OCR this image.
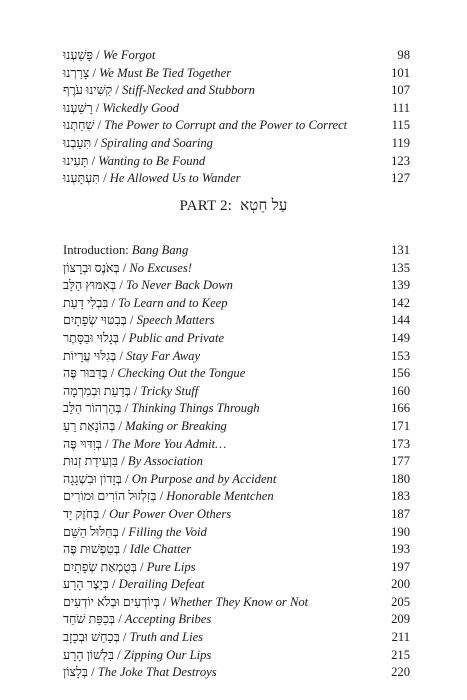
פָּשַׁעְנוּ / We Forgot	98
צָרַרְנוּ / We Must Be Tied Together	101
קִשִּׁינוּ עֹרֶף / Stiff-Necked and Stubborn	107
רָשַׁעְנוּ / Wickedly Good	111
שִׁחַתְנוּ / The Power to Corrupt and the Power to Correct	115
תִּעַבְנוּ / Spiraling and Soaring	119
תָּעִינוּ / Wanting to Be Found	123
תִּעְתָּעְנוּ / He Allowed Us to Wander	127
PART 2: עַל חֵטְא
Introduction: Bang Bang	131
בְּאֹנֶס וּבְרָצוֹן / No Excuses!	135
בְּאִמּוּץ הַלֵּב / To Never Back Down	139
בִּבְלִי דָעַת / To Learn and to Keep	142
בְּבִטּוּי שְׂפָתָיִם / Speech Matters	144
בְּגָלוּי וּבַסָּתֶר / Public and Private	149
בְּגִלּוּי עֲרָיוֹת / Stay Far Away	153
בְּדִבּוּר פֶּה / Checking Out the Tongue	156
בְּדַעַת וּבְמִרְמָה / Tricky Stuff	160
בְּהַרְהוֹר הַלֵּב / Thinking Things Through	166
בְּהוֹנָאַת רֵעַ / Making or Breaking	171
בְּוִדּוּי פֶּה / The More You Admit…	173
בִּוְעִידַת זְנוּת / By Association	177
בְּזָדוֹן וּבִשְׁגָגָה / On Purpose and by Accident	180
בְּזִלְזוּל הוֹרִים וּמוֹרִים / Honorable Mentchen	183
בְּחֹזֶק יָד / Our Power Over Others	187
בְּחִלּוּל הַשֵּׁם / Filling the Void	190
בְּטִפְשׁוּת פֶּה / Idle Chatter	193
בְּטֻמְאַת שְׂפָתָיִם / Pure Lips	197
בְּיֵצֶר הָרָע / Derailing Defeat	200
בְּיוֹדְעִים וּבְלֹא יוֹדְעִים / Whether They Know or Not	205
בְּכַפַּת שֹׁחַד / Accepting Bribes	209
בְּכַחַשׁ וּבְכָזָב / Truth and Lies	211
בִּלְשׁוֹן הָרָע / Zipping Our Lips	215
בְּלָצוֹן / The Joke That Destroys	220
